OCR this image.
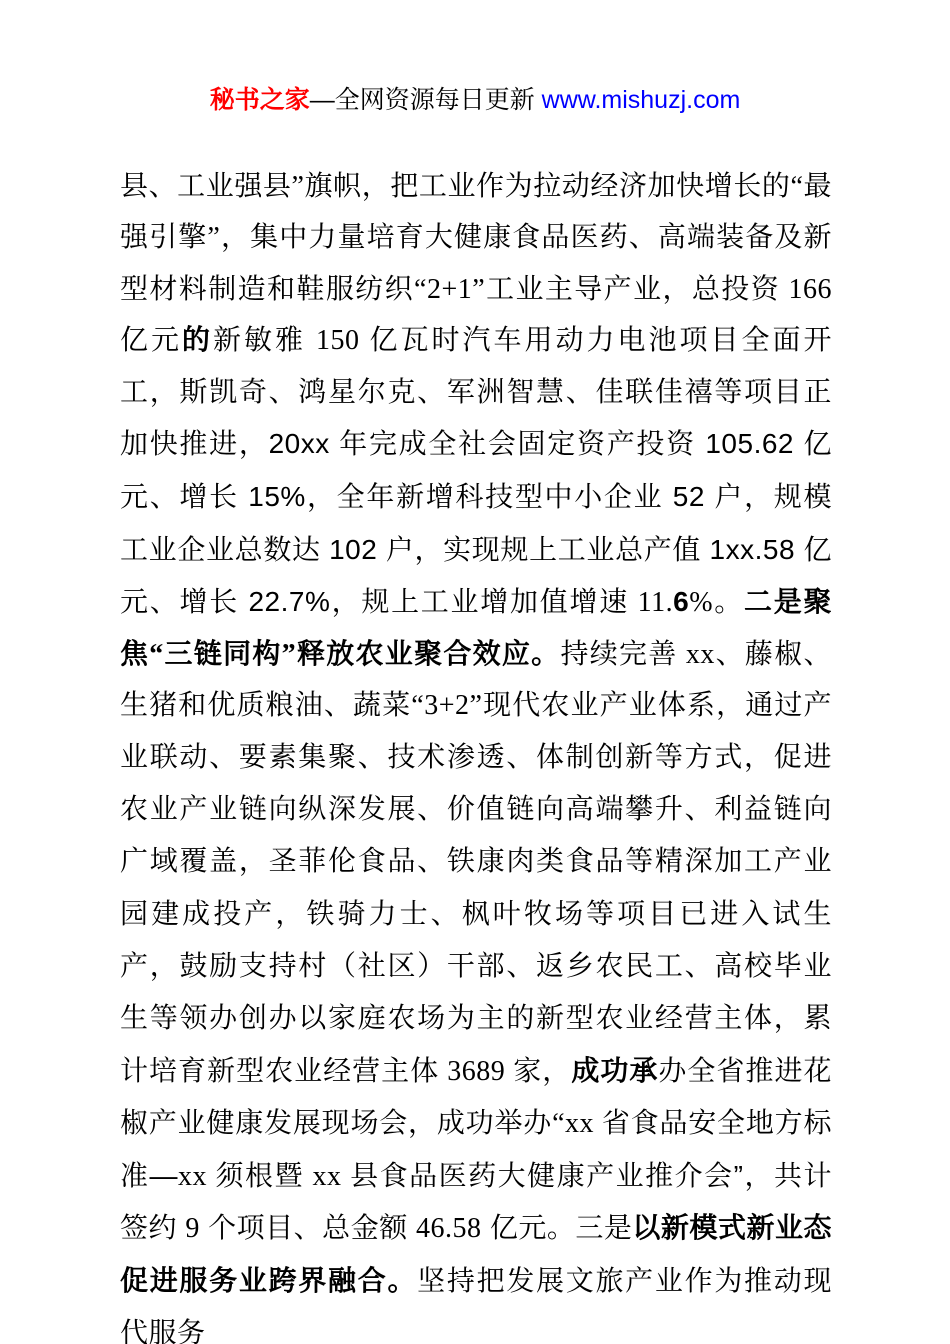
秘书之家—全网资源每日更新 www.mishuzj.com
县、工业强县”旗帜，把工业作为拉动经济加快增长的“最强引擎”，集中力量培育大健康食品医药、高端装备及新型材料制造和鞋服纺织“2+1”工业主导产业，总投资 166 亿元的新敏雅 150 亿瓦时汽车用动力电池项目全面开工，斯凯奇、鸿星尔克、军洲智慧、佳联佳禧等项目正加快推进，20xx 年完成全社会固定资产投资 105.62 亿元、增长 15%，全年新增科技型中小企业 52 户，规模工业企业总数达 102 户，实现规上工业总产值 1xx.58 亿元、增长 22.7%，规上工业增加值增速 11.6%。二是聚焦“三链同构”释放农业聚合效应。持续完善 xx、藤椒、生猪和优质粮油、蔬菜“3+2”现代农业产业体系，通过产业联动、要素集聚、技术渗透、体制创新等方式，促进农业产业链向纵深发展、价值链向高端攀升、利益链向广域覆盖，圣菲伦食品、铁康肉类食品等精深加工产业园建成投产，铁骑力士、枫叶牧场等项目已进入试生产，鼓励支持村（社区）干部、返乡农民工、高校毕业生等领办创办以家庭农场为主的新型农业经营主体，累计培育新型农业经营主体 3689 家，成功承办全省推进花椒产业健康发展现场会，成功举办“xx 省食品安全地方标准—xx 须根暨 xx 县食品医药大健康产业推介会”，共计签约 9 个项目、总金额 46.58 亿元。三是以新模式新业态促进服务业跨界融合。坚持把发展文旅产业作为推动现代服务
